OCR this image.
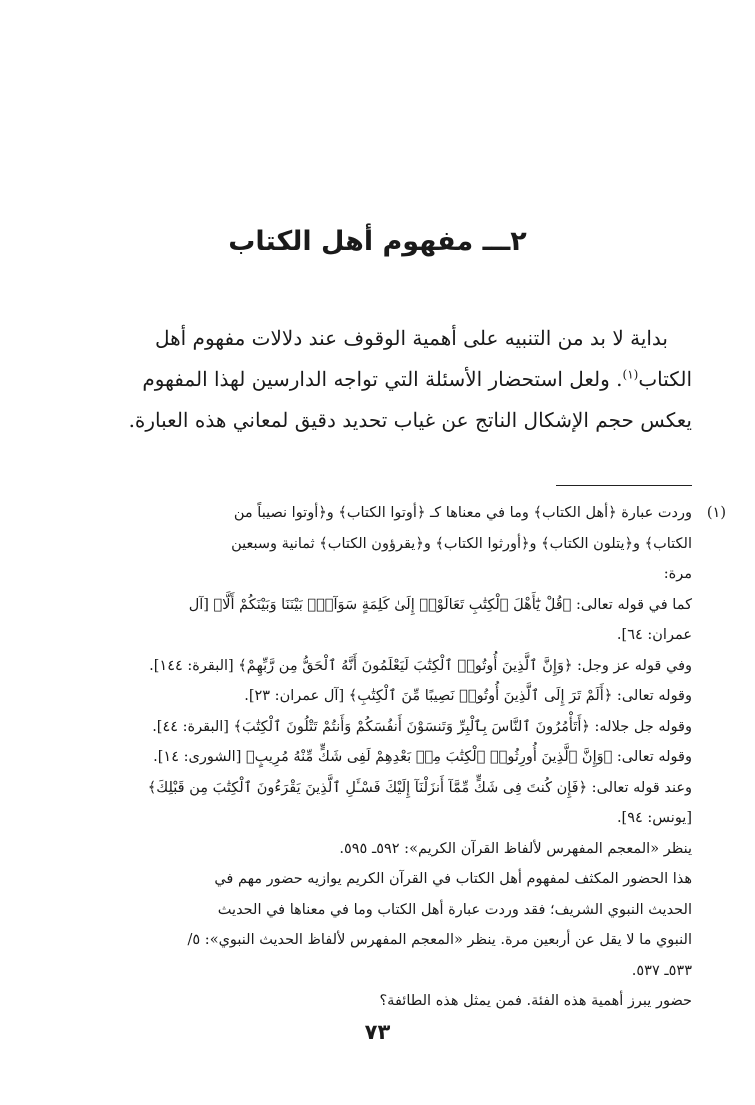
٢ـــ مفهوم أهل الكتاب

بداية لا بد من التنبيه على أهمية الوقوف عند دلالات مفهوم أهل

الكتاب$^{(١)}$. ولعل استحضار الأسئلة التي تواجه الدارسين لهذا المفهوم

يعكس حجم الإشكال الناتج عن غياب تحديد دقيق لمعاني هذه العبارة.

(١)
وردت عبارة ﴿أهل الكتاب﴾ وما في معناها كـ ﴿أوتوا الكتاب﴾ و﴿أوتوا نصيباً من
الكتاب﴾ و﴿يتلون الكتاب﴾ و﴿أورثوا الكتاب﴾ و﴿يقرؤون الكتاب﴾ ثمانية وسبعين
مرة:
كما في قوله تعالى: ﴿قُلْ يَٰٓأَهْلَ ٱلْكِتَٰبِ تَعَالَوْا۟ إِلَىٰ كَلِمَةٍ سَوَآءٍۭ بَيْنَنَا وَبَيْنَكُمْ أَلَّا﴾ [آل
عمران: ٦٤].
وفي قوله عز وجل: ﴿وَإِنَّ ٱلَّذِينَ أُوتُوا۟ ٱلْكِتَٰبَ لَيَعْلَمُونَ أَنَّهُ ٱلْحَقُّ مِن رَّبِّهِمْ﴾ [البقرة: ١٤٤].
وقوله تعالى: ﴿أَلَمْ تَرَ إِلَى ٱلَّذِينَ أُوتُوا۟ نَصِيبًا مِّنَ ٱلْكِتَٰبِ﴾ [آل عمران: ٢٣].
وقوله جل جلاله: ﴿أَتَأْمُرُونَ ٱلنَّاسَ بِٱلْبِرِّ وَتَنسَوْنَ أَنفُسَكُمْ وَأَنتُمْ تَتْلُونَ ٱلْكِتَٰبَ﴾ [البقرة: ٤٤].
وقوله تعالى: ﴿وَإِنَّ ٱلَّذِينَ أُورِثُوا۟ ٱلْكِتَٰبَ مِنۢ بَعْدِهِمْ لَفِى شَكٍّ مِّنْهُ مُرِيبٍ﴾ [الشورى: ١٤].
وعند قوله تعالى: ﴿فَإِن كُنتَ فِى شَكٍّ مِّمَّآ أَنزَلْنَآ إِلَيْكَ فَسْـَٔلِ ٱلَّذِينَ يَقْرَءُونَ ٱلْكِتَٰبَ مِن قَبْلِكَ﴾
[يونس: ٩٤].
ينظر «المعجم المفهرس لألفاظ القرآن الكريم»: ٥٩٢ـ ٥٩٥.
هذا الحضور المكثف لمفهوم أهل الكتاب في القرآن الكريم يوازيه حضور مهم في
الحديث النبوي الشريف؛ فقد وردت عبارة أهل الكتاب وما في معناها في الحديث
النبوي ما لا يقل عن أربعين مرة. ينظر «المعجم المفهرس لألفاظ الحديث النبوي»: ٥/
٥٣٣ـ ٥٣٧.
حضور يبرز أهمية هذه الفئة. فمن يمثل هذه الطائفة؟
٧٣
